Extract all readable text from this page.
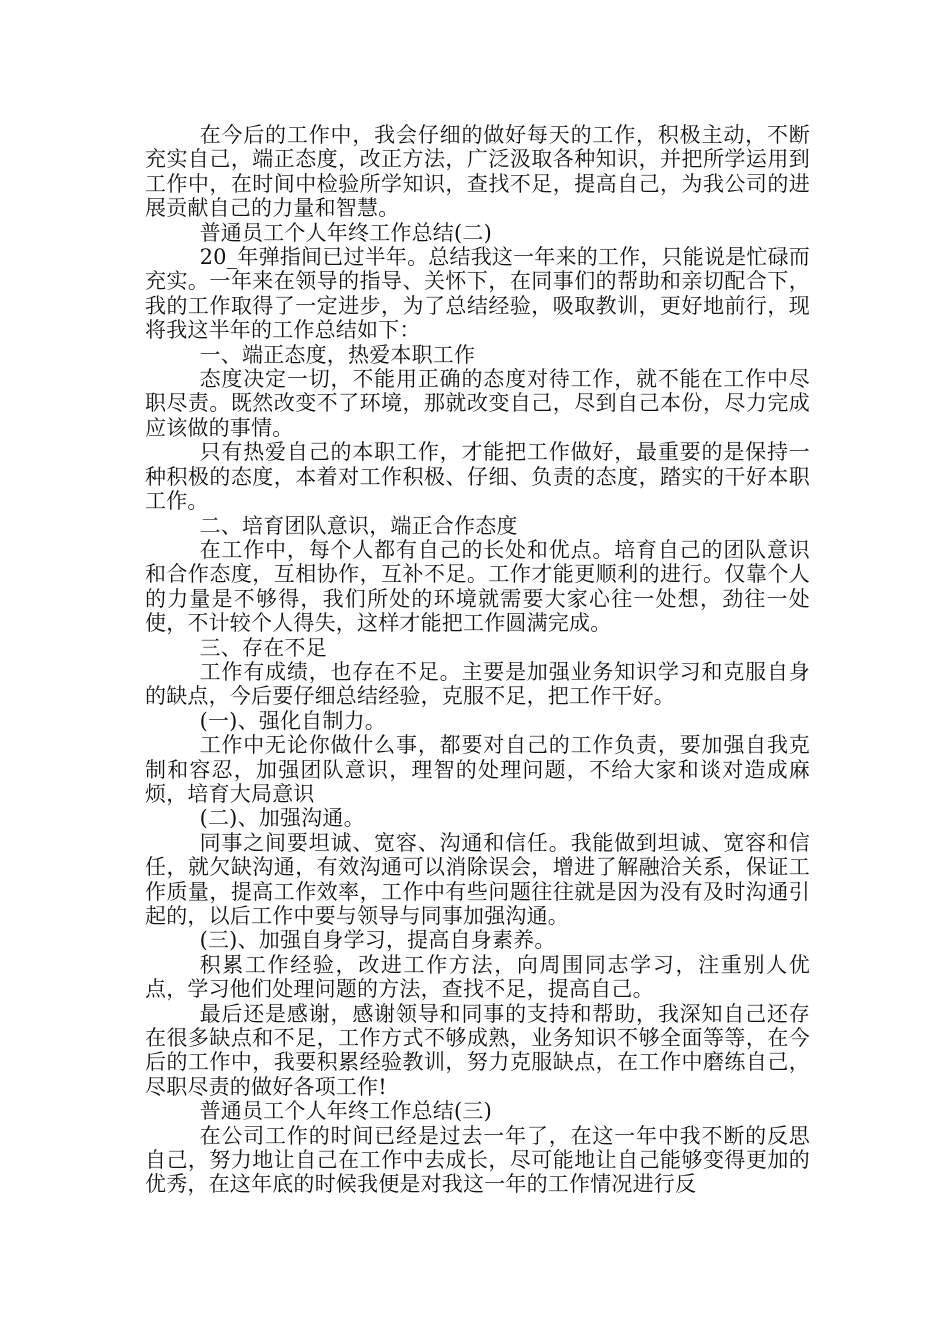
在今后的工作中，我会仔细的做好每天的工作，积极主动，不断充实自己，端正态度，改正方法，广泛汲取各种知识，并把所学运用到工作中，在时间中检验所学知识，查找不足，提高自己，为我公司的进展贡献自己的力量和智慧。

普通员工个人年终工作总结(二)

20_年弹指间已过半年。总结我这一年来的工作，只能说是忙碌而充实。一年来在领导的指导、关怀下，在同事们的帮助和亲切配合下，我的工作取得了一定进步，为了总结经验，吸取教训，更好地前行，现将我这半年的工作总结如下：

一、端正态度，热爱本职工作

态度决定一切，不能用正确的态度对待工作，就不能在工作中尽职尽责。既然改变不了环境，那就改变自己，尽到自己本份，尽力完成应该做的事情。

只有热爱自己的本职工作，才能把工作做好，最重要的是保持一种积极的态度，本着对工作积极、仔细、负责的态度，踏实的干好本职工作。

二、培育团队意识，端正合作态度

在工作中，每个人都有自己的长处和优点。培育自己的团队意识和合作态度，互相协作，互补不足。工作才能更顺利的进行。仅靠个人的力量是不够得，我们所处的环境就需要大家心往一处想，劲往一处使，不计较个人得失，这样才能把工作圆满完成。

三、存在不足

工作有成绩，也存在不足。主要是加强业务知识学习和克服自身的缺点，今后要仔细总结经验，克服不足，把工作干好。

(一)、强化自制力。

工作中无论你做什么事，都要对自己的工作负责，要加强自我克制和容忍，加强团队意识，理智的处理问题，不给大家和谈对造成麻烦，培育大局意识

(二)、加强沟通。

同事之间要坦诚、宽容、沟通和信任。我能做到坦诚、宽容和信任，就欠缺沟通，有效沟通可以消除误会，增进了解融洽关系，保证工作质量，提高工作效率，工作中有些问题往往就是因为没有及时沟通引起的，以后工作中要与领导与同事加强沟通。

(三)、加强自身学习，提高自身素养。

积累工作经验，改进工作方法，向周围同志学习，注重别人优点，学习他们处理问题的方法，查找不足，提高自己。

最后还是感谢，感谢领导和同事的支持和帮助，我深知自己还存在很多缺点和不足，工作方式不够成熟，业务知识不够全面等等，在今后的工作中，我要积累经验教训，努力克服缺点，在工作中磨练自己，尽职尽责的做好各项工作!

普通员工个人年终工作总结(三)

在公司工作的时间已经是过去一年了，在这一年中我不断的反思自己，努力地让自己在工作中去成长，尽可能地让自己能够变得更加的优秀，在这年底的时候我便是对我这一年的工作情况进行反
